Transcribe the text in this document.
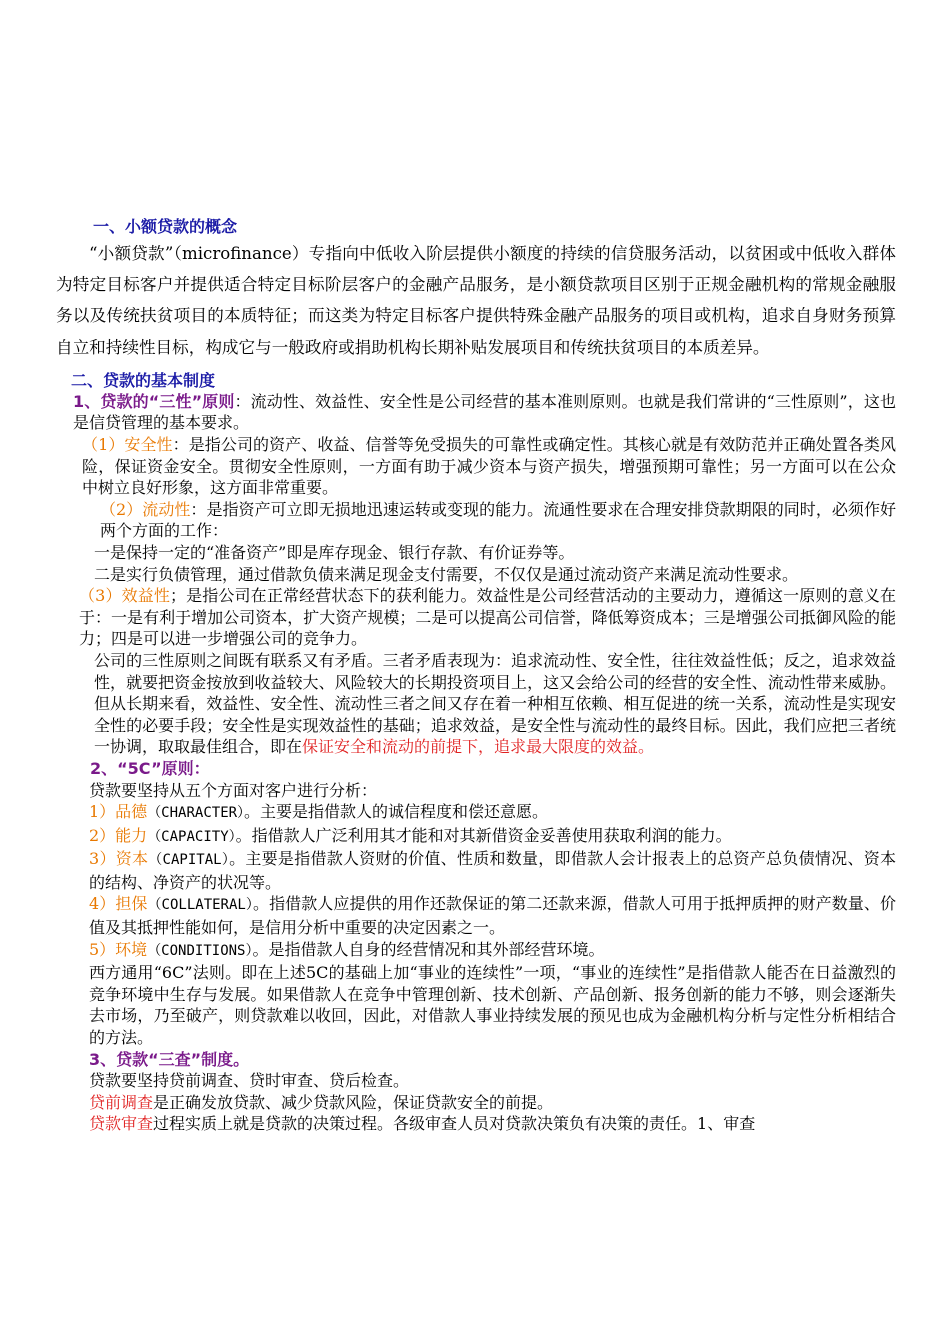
一、小额贷款的概念

“小额贷款”（microfinance）专指向中低收入阶层提供小额度的持续的信贷服务活动，以贫困或中低收入群体为特定目标客户并提供适合特定目标阶层客户的金融产品服务，是小额贷款项目区别于正规金融机构的常规金融服务以及传统扶贫项目的本质特征；而这类为特定目标客户提供特殊金融产品服务的项目或机构，追求自身财务预算自立和持续性目标，构成它与一般政府或捐助机构长期补贴发展项目和传统扶贫项目的本质差异。

二、贷款的基本制度

1、贷款的“三性”原则：流动性、效益性、安全性是公司经营的基本准则原则。也就是我们常讲的“三性原则”，这也是信贷管理的基本要求。

（1）安全性：是指公司的资产、收益、信誉等免受损失的可靠性或确定性。其核心就是有效防范并正确处置各类风险，保证资金安全。贯彻安全性原则，一方面有助于减少资本与资产损失，增强预期可靠性；另一方面可以在公众中树立良好形象，这方面非常重要。

（2）流动性：是指资产可立即无损地迅速运转或变现的能力。流通性要求在合理安排贷款期限的同时，必须作好两个方面的工作：

一是保持一定的“准备资产”即是库存现金、银行存款、有价证券等。

二是实行负债管理，通过借款负债来满足现金支付需要，不仅仅是通过流动资产来满足流动性要求。

（3）效益性；是指公司在正常经营状态下的获利能力。效益性是公司经营活动的主要动力，遵循这一原则的意义在于：一是有利于增加公司资本，扩大资产规模；二是可以提高公司信誉，降低筹资成本；三是增强公司抵御风险的能力；四是可以进一步增强公司的竞争力。

公司的三性原则之间既有联系又有矛盾。三者矛盾表现为：追求流动性、安全性，往往效益性低；反之，追求效益性，就要把资金按放到收益较大、风险较大的长期投资项目上，这又会给公司的经营的安全性、流动性带来威胁。但从长期来看，效益性、安全性、流动性三者之间又存在着一种相互依赖、相互促进的统一关系，流动性是实现安全性的必要手段；安全性是实现效益性的基础；追求效益，是安全性与流动性的最终目标。因此，我们应把三者统一协调，取取最佳组合，即在保证安全和流动的前提下，追求最大限度的效益。

2、“5C”原则：

贷款要坚持从五个方面对客户进行分析：

1）品德（CHARACTER）。主要是指借款人的诚信程度和偿还意愿。

2）能力（CAPACITY）。指借款人广泛利用其才能和对其新借资金妥善使用获取利润的能力。

3）资本（CAPITAL）。主要是指借款人资财的价值、性质和数量，即借款人会计报表上的总资产总负债情况、资本的结构、净资产的状况等。

4）担保（COLLATERAL）。指借款人应提供的用作还款保证的第二还款来源，借款人可用于抵押质押的财产数量、价值及其抵押性能如何，是信用分析中重要的决定因素之一。

5）环境（CONDITIONS）。是指借款人自身的经营情况和其外部经营环境。

西方通用“6C”法则。即在上述5C的基础上加“事业的连续性”一项，“事业的连续性”是指借款人能否在日益激烈的竞争环境中生存与发展。如果借款人在竞争中管理创新、技术创新、产品创新、报务创新的能力不够，则会逐渐失去市场，乃至破产，则贷款难以收回，因此，对借款人事业持续发展的预见也成为金融机构分析与定性分析相结合的方法。

3、贷款“三查”制度。

贷款要坚持贷前调查、贷时审查、贷后检查。

贷前调查是正确发放贷款、减少贷款风险，保证贷款安全的前提。

贷款审查过程实质上就是贷款的决策过程。各级审查人员对贷款决策负有决策的责任。1、审查
